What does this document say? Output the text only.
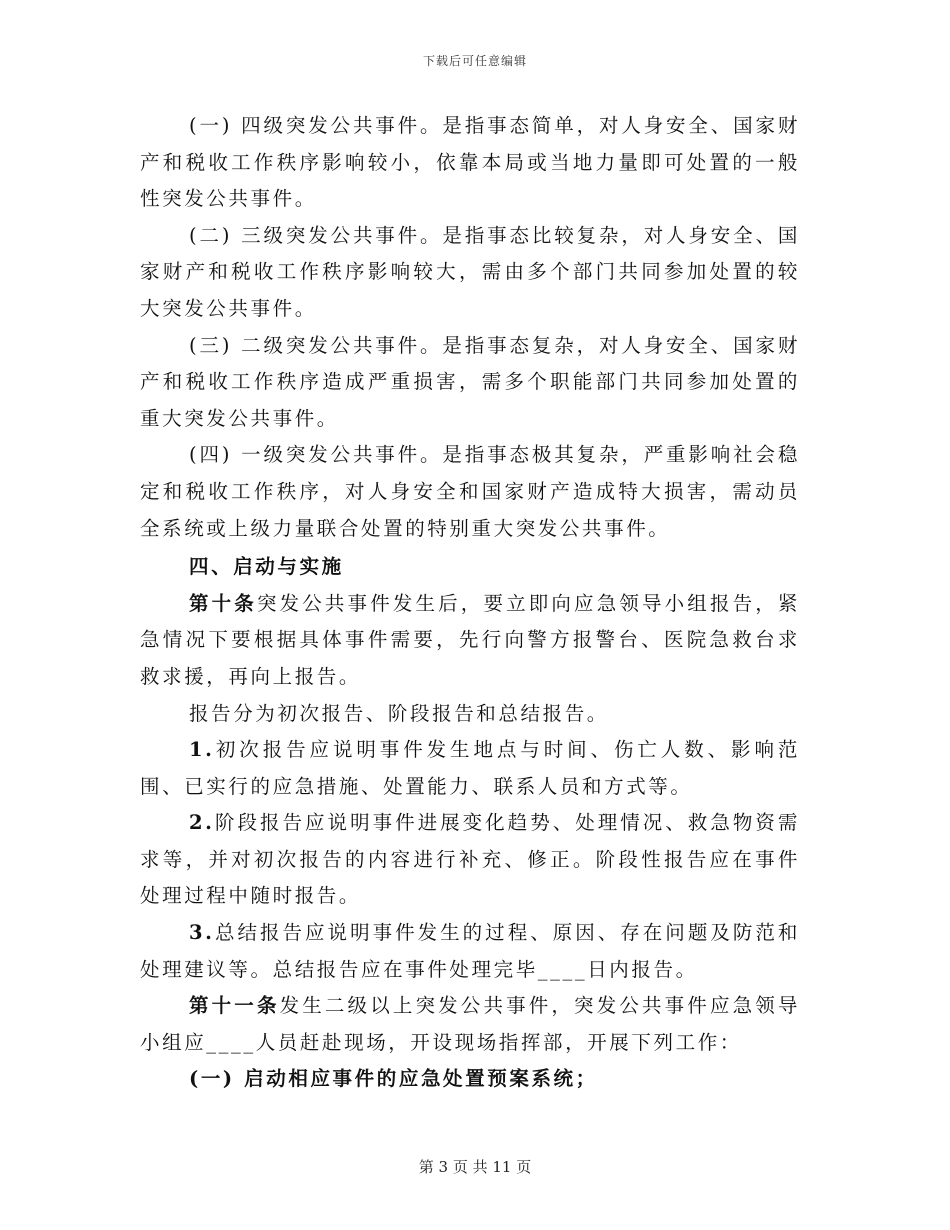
下载后可任意编辑

(一) 四级突发公共事件。是指事态简单，对人身安全、国家财产和税收工作秩序影响较小，依靠本局或当地力量即可处置的一般性突发公共事件。

(二) 三级突发公共事件。是指事态比较复杂，对人身安全、国家财产和税收工作秩序影响较大，需由多个部门共同参加处置的较大突发公共事件。

(三) 二级突发公共事件。是指事态复杂，对人身安全、国家财产和税收工作秩序造成严重损害，需多个职能部门共同参加处置的重大突发公共事件。

(四) 一级突发公共事件。是指事态极其复杂，严重影响社会稳定和税收工作秩序，对人身安全和国家财产造成特大损害，需动员全系统或上级力量联合处置的特别重大突发公共事件。

四、启动与实施

第十条突发公共事件发生后，要立即向应急领导小组报告，紧急情况下要根据具体事件需要，先行向警方报警台、医院急救台求救求援，再向上报告。

报告分为初次报告、阶段报告和总结报告。

1.初次报告应说明事件发生地点与时间、伤亡人数、影响范围、已实行的应急措施、处置能力、联系人员和方式等。

2.阶段报告应说明事件进展变化趋势、处理情况、救急物资需求等，并对初次报告的内容进行补充、修正。阶段性报告应在事件处理过程中随时报告。

3.总结报告应说明事件发生的过程、原因、存在问题及防范和处理建议等。总结报告应在事件处理完毕____日内报告。

第十一条发生二级以上突发公共事件，突发公共事件应急领导小组应____人员赶赴现场，开设现场指挥部，开展下列工作：

(一) 启动相应事件的应急处置预案系统；

第 3 页 共 11 页
